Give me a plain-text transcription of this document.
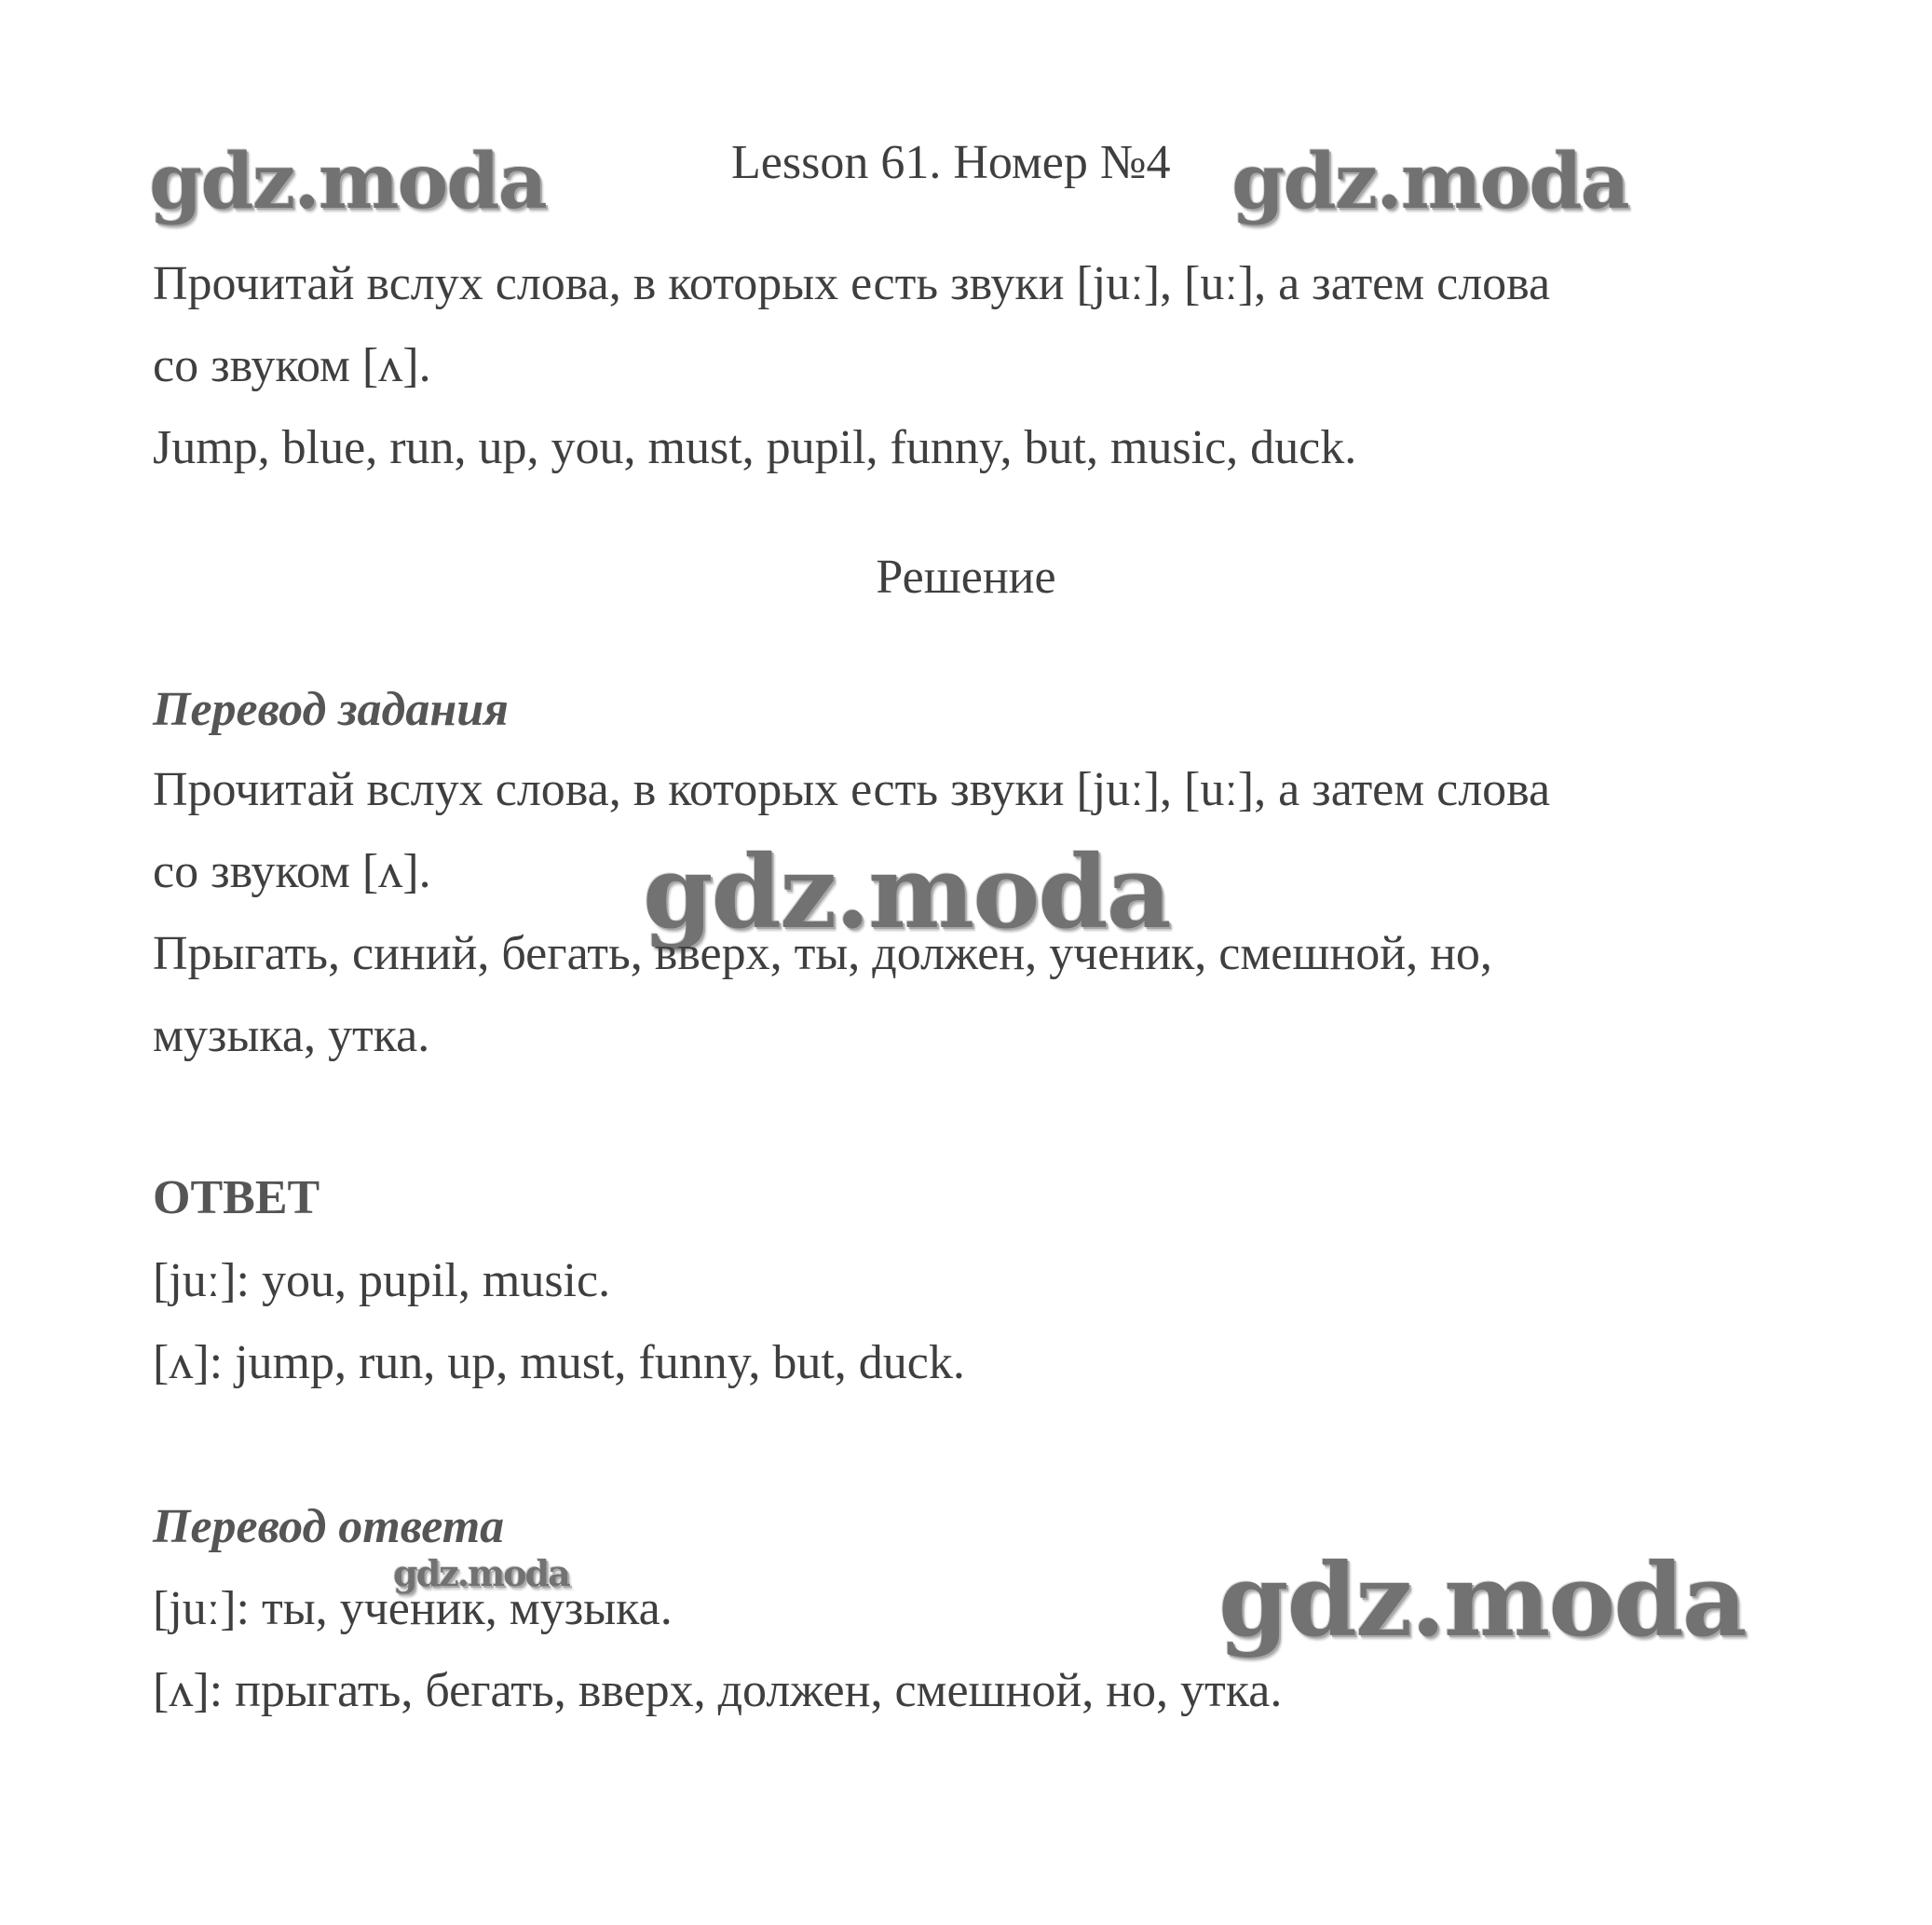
gdz.moda	gdz.moda
gdz.moda
gdz.moda	gdz.moda
Lesson 61. Номер №4
Прочитай вслух слова, в которых есть звуки [juː], [uː], а затем слова
со звуком [ʌ].
Jump, blue, run, up, you, must, pupil, funny, but, music, duck.
Решение
Перевод задания
Прочитай вслух слова, в которых есть звуки [juː], [uː], а затем слова
со звуком [ʌ].
Прыгать, синий, бегать, вверх, ты, должен, ученик, смешной, но,
музыка, утка.
ОТВЕТ
[juː]: you, pupil, music.
[ʌ]: jump, run, up, must, funny, but, duck.
Перевод ответа
[juː]: ты, ученик, музыка.
[ʌ]: прыгать, бегать, вверх, должен, смешной, но, утка.
